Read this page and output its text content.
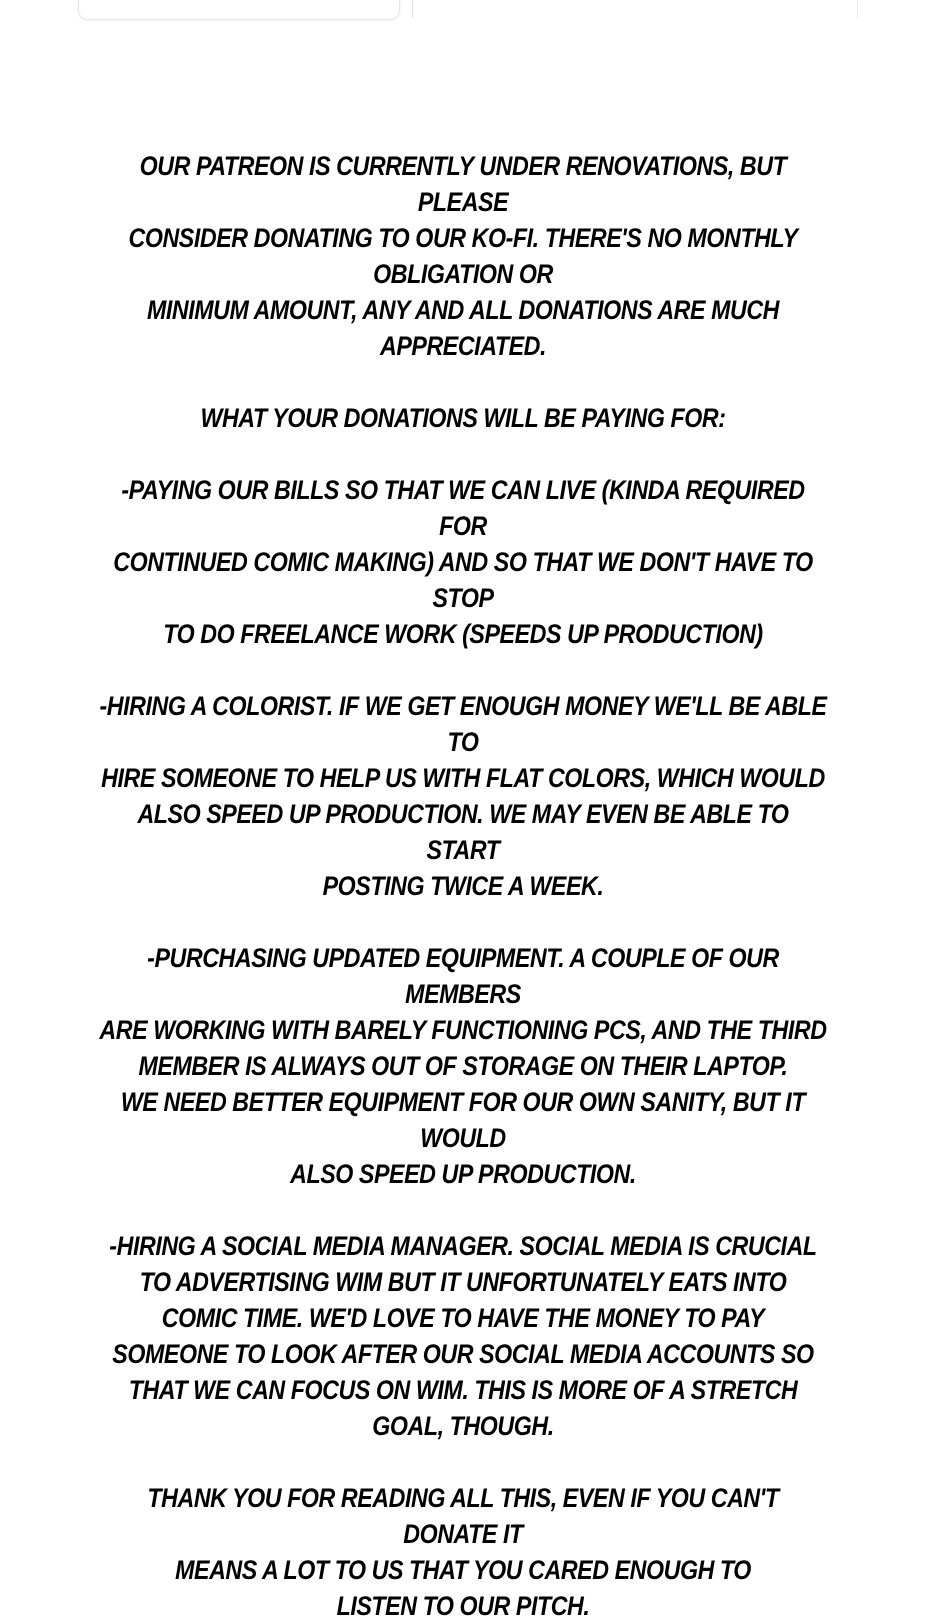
OUR PATREON IS CURRENTLY UNDER RENOVATIONS, BUT PLEASE
CONSIDER DONATING TO OUR KO-FI. THERE'S NO MONTHLY OBLIGATION OR
MINIMUM AMOUNT, ANY AND ALL DONATIONS ARE MUCH APPRECIATED.

WHAT YOUR DONATIONS WILL BE PAYING FOR:

-PAYING OUR BILLS SO THAT WE CAN LIVE (KINDA REQUIRED FOR
CONTINUED COMIC MAKING) AND SO THAT WE DON'T HAVE TO STOP
TO DO FREELANCE WORK (SPEEDS UP PRODUCTION)

-HIRING A COLORIST. IF WE GET ENOUGH MONEY WE'LL BE ABLE TO
HIRE SOMEONE TO HELP US WITH FLAT COLORS, WHICH WOULD
ALSO SPEED UP PRODUCTION. WE MAY EVEN BE ABLE TO START
POSTING TWICE A WEEK.

-PURCHASING UPDATED EQUIPMENT. A COUPLE OF OUR MEMBERS
ARE WORKING WITH BARELY FUNCTIONING PCS, AND THE THIRD
MEMBER IS ALWAYS OUT OF STORAGE ON THEIR LAPTOP.
WE NEED BETTER EQUIPMENT FOR OUR OWN SANITY, BUT IT WOULD
ALSO SPEED UP PRODUCTION.

-HIRING A SOCIAL MEDIA MANAGER. SOCIAL MEDIA IS CRUCIAL
TO ADVERTISING WIM BUT IT UNFORTUNATELY EATS INTO
COMIC TIME. WE'D LOVE TO HAVE THE MONEY TO PAY
SOMEONE TO LOOK AFTER OUR SOCIAL MEDIA ACCOUNTS SO
THAT WE CAN FOCUS ON WIM. THIS IS MORE OF A STRETCH
GOAL, THOUGH.

THANK YOU FOR READING ALL THIS, EVEN IF YOU CAN'T DONATE IT
MEANS A LOT TO US THAT YOU CARED ENOUGH TO
LISTEN TO OUR PITCH.
